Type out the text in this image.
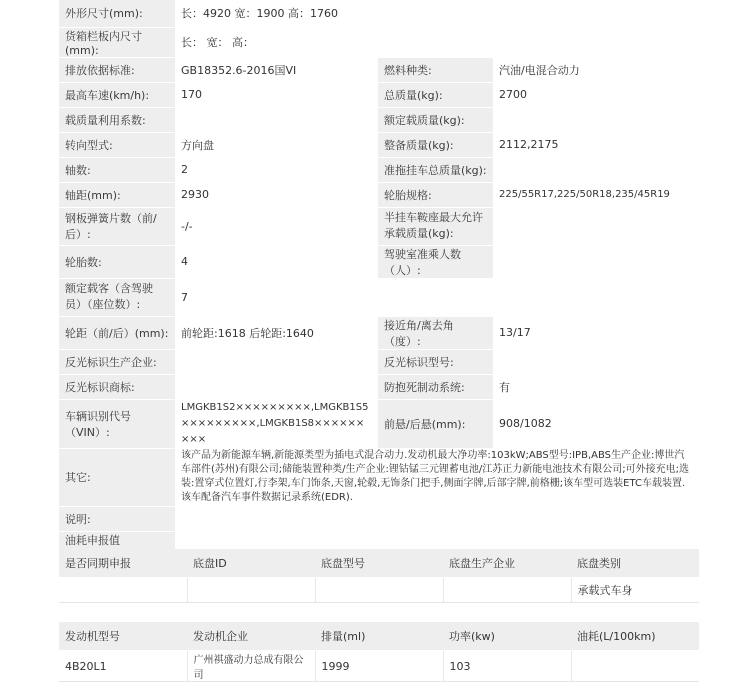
外形尺寸(mm):	长：4920 宽：1900 高：1760		
货箱栏板内尺寸(mm):	长： 宽： 高：		
排放依据标准:	GB18352.6-2016国VI	燃料种类:	汽油/电混合动力
最高车速(km/h):	170	总质量(kg):	2700
载质量利用系数:		额定载质量(kg):	
转向型式:	方向盘	整备质量(kg):	2112,2175
轴数:	2	准拖挂车总质量(kg):	
轴距(mm):	2930	轮胎规格:	225/55R17,225/50R18,235/45R19
钢板弹簧片数（前/后）:	-/-	半挂车鞍座最大允许承载质量(kg):	
轮胎数:	4	驾驶室准乘人数（人）:	
额定载客（含驾驶员）（座位数）:	7		
轮距（前/后）(mm):	前轮距:1618 后轮距:1640	接近角/离去角（度）:	13/17
反光标识生产企业:		反光标识型号:	
反光标识商标:		防抱死制动系统:	有
车辆识别代号（VIN）:	LMGKB1S2×××××××××,LMGKB1S5×××××××××,LMGKB1S8×××××××××	前悬/后悬(mm):	908/1082
其它:	该产品为新能源车辆,新能源类型为插电式混合动力.发动机最大净功率:103kW;ABS型号:IPB,ABS生产企业:博世汽车部件(苏州)有限公司;储能装置种类/生产企业:锂钴锰三元锂蓄电池/江苏正力新能电池技术有限公司;可外接充电;选装:置穿式位置灯,行李架,车门饰条,天窗,轮毂,无饰条门把手,侧面字牌,后部字牌,前格栅;该车型可选装ETC车载装置.该车配备汽车事件数据记录系统(EDR).		
说明:			
油耗申报值			
是否同期申报	底盘ID	底盘型号	底盘生产企业	底盘类别
				承载式车身
发动机型号	发动机企业	排量(ml)	功率(kw)	油耗(L/100km)
4B20L1	广州祺盛动力总成有限公司	1999	103	
